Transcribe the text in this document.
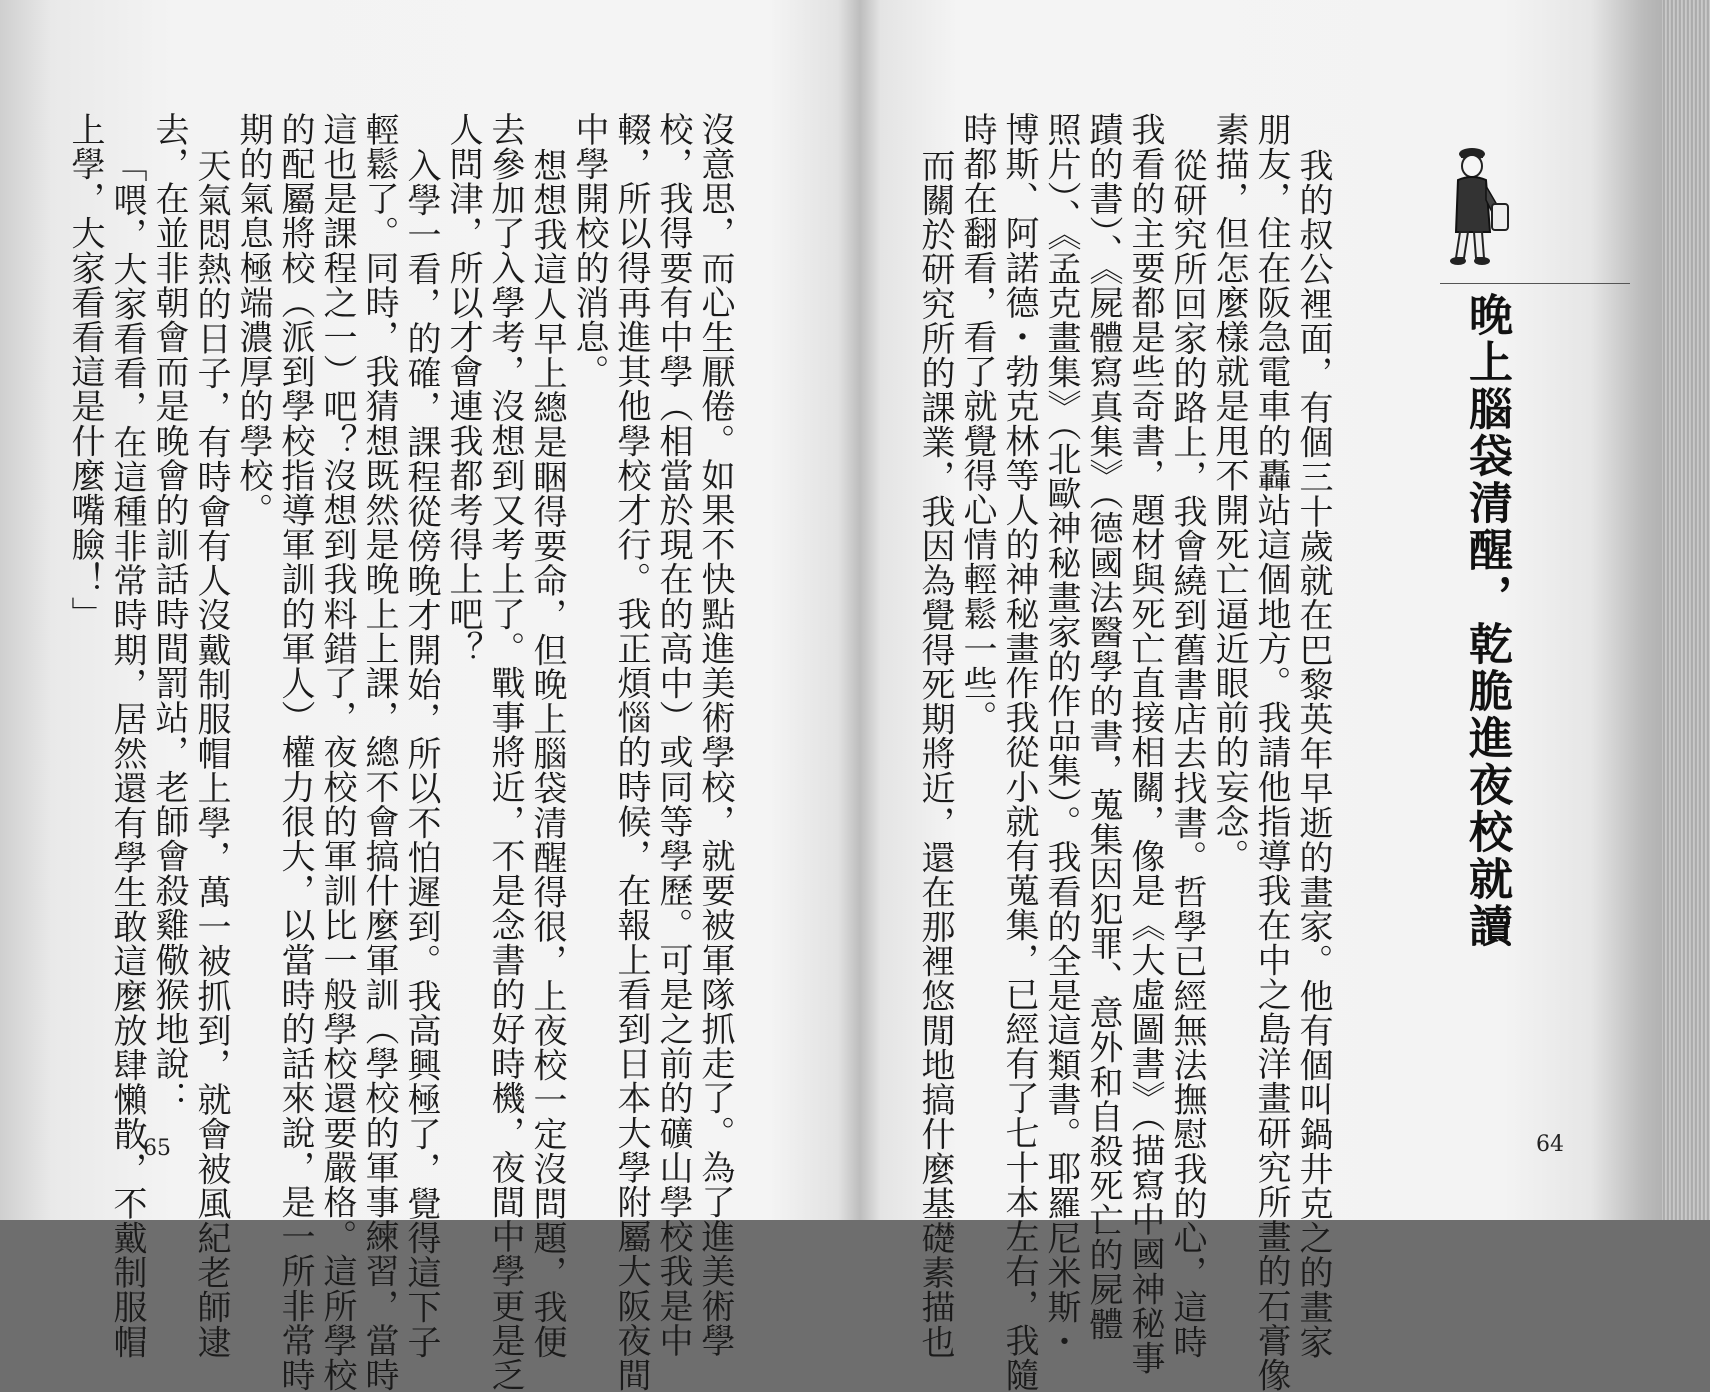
沒意思，而心生厭倦。如果不快點進美術學校，就要被軍隊抓走了。為了進美術學
校，我得要有中學（相當於現在的高中）或同等學歷。可是之前的礦山學校我是中
輟，所以得再進其他學校才行。我正煩惱的時候，在報上看到日本大學附屬大阪夜間
中學開校的消息。
想想我這人早上總是睏得要命，但晚上腦袋清醒得很，上夜校一定沒問題，我便
去參加了入學考，沒想到又考上了。戰事將近，不是念書的好時機，夜間中學更是乏
人問津，所以才會連我都考得上吧？
入學一看，的確，課程從傍晚才開始，所以不怕遲到。我高興極了，覺得這下子
輕鬆了。同時，我猜想既然是晚上上課，總不會搞什麼軍訓（學校的軍事練習，當時
這也是課程之一）吧？沒想到我料錯了，夜校的軍訓比一般學校還要嚴格。這所學校
的配屬將校（派到學校指導軍訓的軍人）權力很大，以當時的話來說，是一所非常時
期的氣息極端濃厚的學校。
天氣悶熱的日子，有時會有人沒戴制服帽上學，萬一被抓到，就會被風紀老師逮
去，在並非朝會而是晚會的訓話時間罰站，老師會殺雞儆猴地說：
「喂，大家看看，在這種非常時期，居然還有學生敢這麼放肆懶散，不戴制服帽
上學，大家看看這是什麼嘴臉！」
65
晚上腦袋清醒，乾脆進夜校就讀
我的叔公裡面，有個三十歲就在巴黎英年早逝的畫家。他有個叫鍋井克之的畫家
朋友，住在阪急電車的轟站這個地方。我請他指導我在中之島洋畫研究所畫的石膏像
素描，但怎麼樣就是甩不開死亡逼近眼前的妄念。
從研究所回家的路上，我會繞到舊書店去找書。哲學已經無法撫慰我的心，這時
我看的主要都是些奇書，題材與死亡直接相關，像是《大虛圖書》（描寫中國神秘事
蹟的書）、《屍體寫真集》（德國法醫學的書，蒐集因犯罪、意外和自殺死亡的屍體
照片）、《孟克畫集》（北歐神秘畫家的作品集）。我看的全是這類書。耶羅尼米斯・
博斯、阿諾德・勃克林等人的神秘畫作我從小就有蒐集，已經有了七十本左右，我隨
時都在翻看，看了就覺得心情輕鬆一些。
而關於研究所的課業，我因為覺得死期將近，還在那裡悠閒地搞什麼基礎素描也	64
